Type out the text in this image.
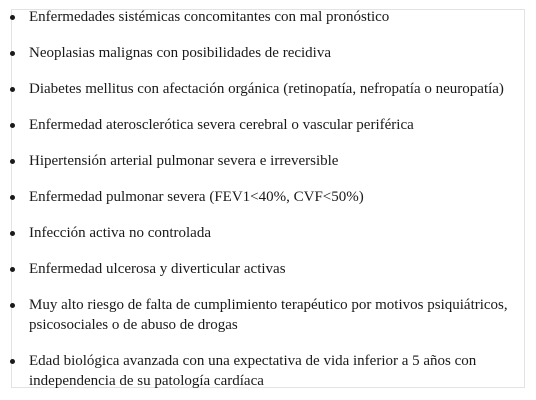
Enfermedades sistémicas concomitantes con mal pronóstico
Neoplasias malignas con posibilidades de recidiva
Diabetes mellitus con afectación orgánica (retinopatía, nefropatía o neuropatía)
Enfermedad aterosclerótica severa cerebral o vascular periférica
Hipertensión arterial pulmonar severa e irreversible
Enfermedad pulmonar severa (FEV1<40%, CVF<50%)
Infección activa no controlada
Enfermedad ulcerosa y diverticular activas
Muy alto riesgo de falta de cumplimiento terapéutico por motivos psiquiátricos, psicosociales o de abuso de drogas
Edad biológica avanzada con una expectativa de vida inferior a 5 años con independencia de su patología cardíaca
